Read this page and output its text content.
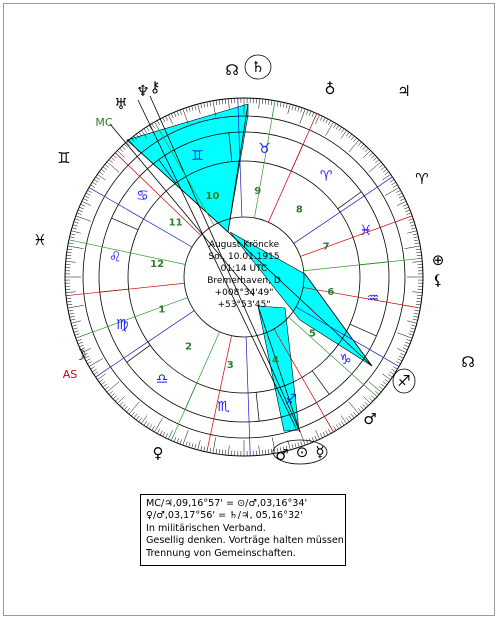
♓
♈
♉
♊
♋
♌
♍
♎
♏	♐
♑
♒
1
2
3	4
5
6
7
8
9
10
11
12
MC
♅
♆ ⚷
☊ ♄
♁	♃
♈
⊕
⚸
☊
♐
♂
♂ ⊙ ☿
♀
☽
AS
♓
♊
August Kröncke
So., 10.01.1915
01:14 UTC
Bremerhaven, D
+008°34'49"
+53°53'45"
MC/♃,09,16°57' = ⊙/♂,03,16°34'
♀/♂,03,17°56' = ♄/♃, 05,16°32'
In militärischen Verband.
Gesellig denken. Vorträge halten müssen.
Trennung von Gemeinschaften.
